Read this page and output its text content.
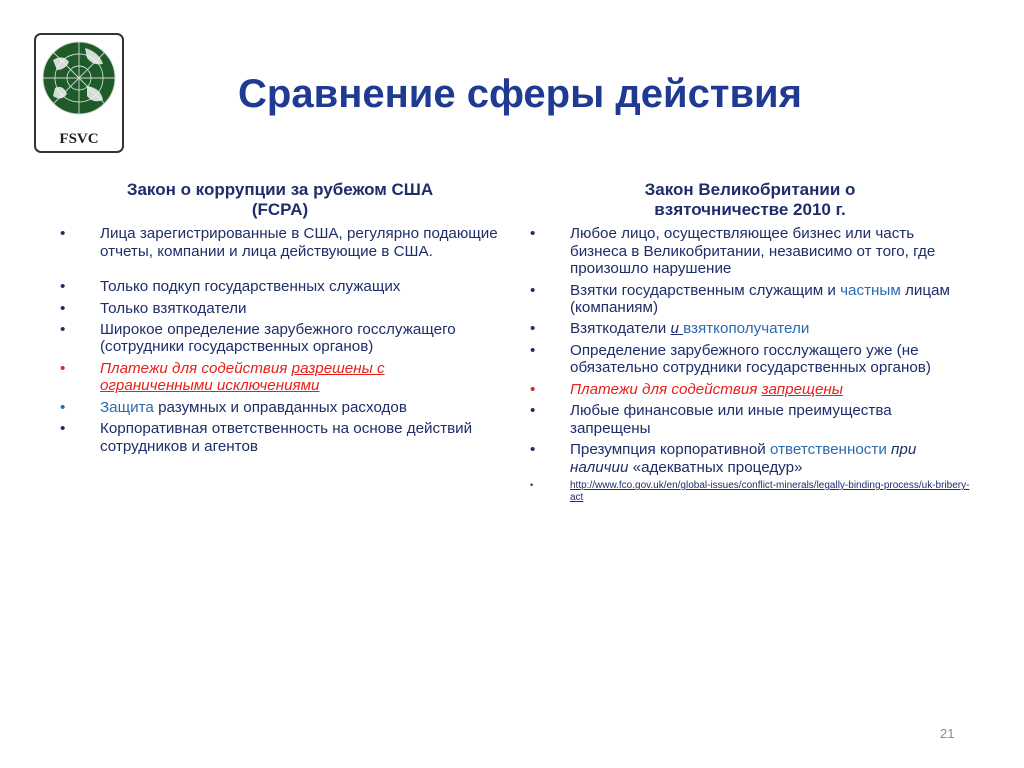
FSVC
Сравнение сферы действия
Закон о коррупции за рубежом США
(FCPA)
•	Лица зарегистрированные в США, регулярно подающие отчеты, компании и лица действующие в США.
•	Только подкуп государственных служащих
•	Только взяткодатели
•	Широкое определение зарубежного госслужащего (сотрудники государственных органов)
•	Платежи для содействия разрешены с ограниченными исключениями
•	Защита разумных и оправданных расходов
•	Корпоративная ответственность на основе действий сотрудников и агентов
Закон Великобритании о
взяточничестве 2010 г.
•	Любое лицо, осуществляющее бизнес или часть бизнеса в Великобритании, независимо от того, где произошло нарушение
•	Взятки государственным служащим и частным лицам (компаниям)
•	Взяткодатели и взяткополучатели
•	Определение зарубежного госслужащего уже (не обязательно сотрудники государственных органов)
•	Платежи для содействия запрещены
•	Любые финансовые или иные преимущества запрещены
•	Презумпция корпоративной ответственности при наличии «адекватных процедур»
•	http://www.fco.gov.uk/en/global-issues/conflict-minerals/legally-binding-process/uk-bribery-act
21
